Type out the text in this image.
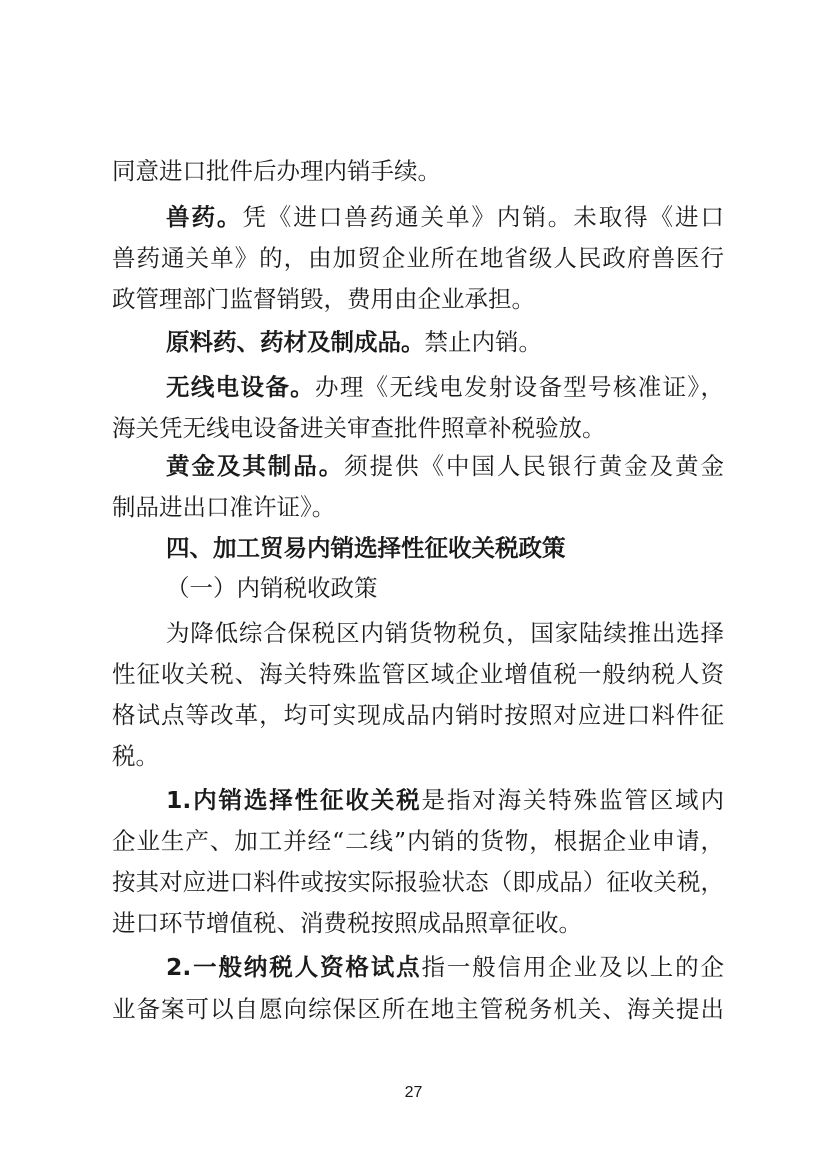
同意进口批件后办理内销手续。
兽药。凭《进口兽药通关单》内销。未取得《进口
兽药通关单》的，由加贸企业所在地省级人民政府兽医行
政管理部门监督销毁，费用由企业承担。
原料药、药材及制成品。禁止内销。
无线电设备。办理《无线电发射设备型号核准证》，
海关凭无线电设备进关审查批件照章补税验放。
黄金及其制品。须提供《中国人民银行黄金及黄金
制品进出口准许证》。
四、加工贸易内销选择性征收关税政策
（一）内销税收政策
为降低综合保税区内销货物税负，国家陆续推出选择
性征收关税、海关特殊监管区域企业增值税一般纳税人资
格试点等改革，均可实现成品内销时按照对应进口料件征
税。
1.内销选择性征收关税是指对海关特殊监管区域内
企业生产、加工并经“二线”内销的货物，根据企业申请，
按其对应进口料件或按实际报验状态（即成品）征收关税，
进口环节增值税、消费税按照成品照章征收。
2.一般纳税人资格试点指一般信用企业及以上的企
业备案可以自愿向综保区所在地主管税务机关、海关提出
27
